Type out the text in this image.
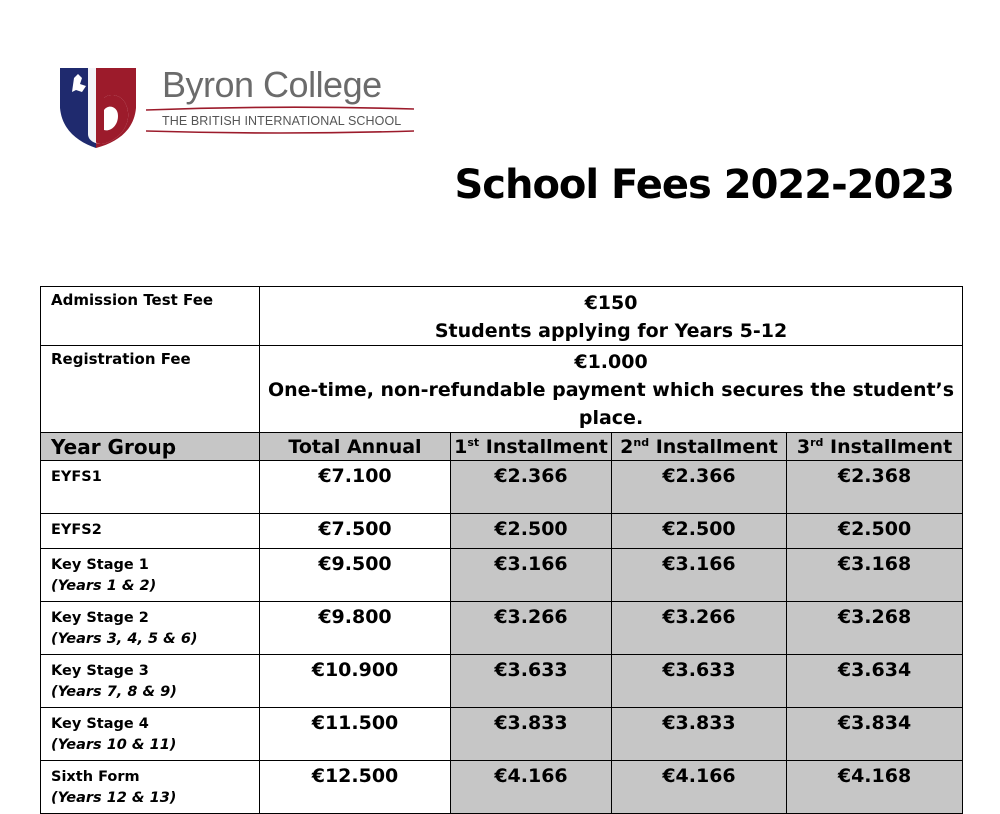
Byron College
THE BRITISH INTERNATIONAL SCHOOL
School Fees 2022-2023
Admission Test Fee	€150
Students applying for Years 5-12			

Registration Fee	€1.000
One-time, non-refundable payment which secures the student’s place.			

Year Group	Total Annual	1st Installment	2nd Installment	3rd Installment
EYFS1	€7.100	€2.366	€2.366	€2.368
EYFS2	€7.500	€2.500	€2.500	€2.500
Key Stage 1
(Years 1 & 2)	€9.500	€3.166	€3.166	€3.168
Key Stage 2
(Years 3, 4, 5 & 6)	€9.800	€3.266	€3.266	€3.268
Key Stage 3
(Years 7, 8 & 9)	€10.900	€3.633	€3.633	€3.634
Key Stage 4
(Years 10 & 11)	€11.500	€3.833	€3.833	€3.834
Sixth Form
(Years 12 & 13)	€12.500	€4.166	€4.166	€4.168
